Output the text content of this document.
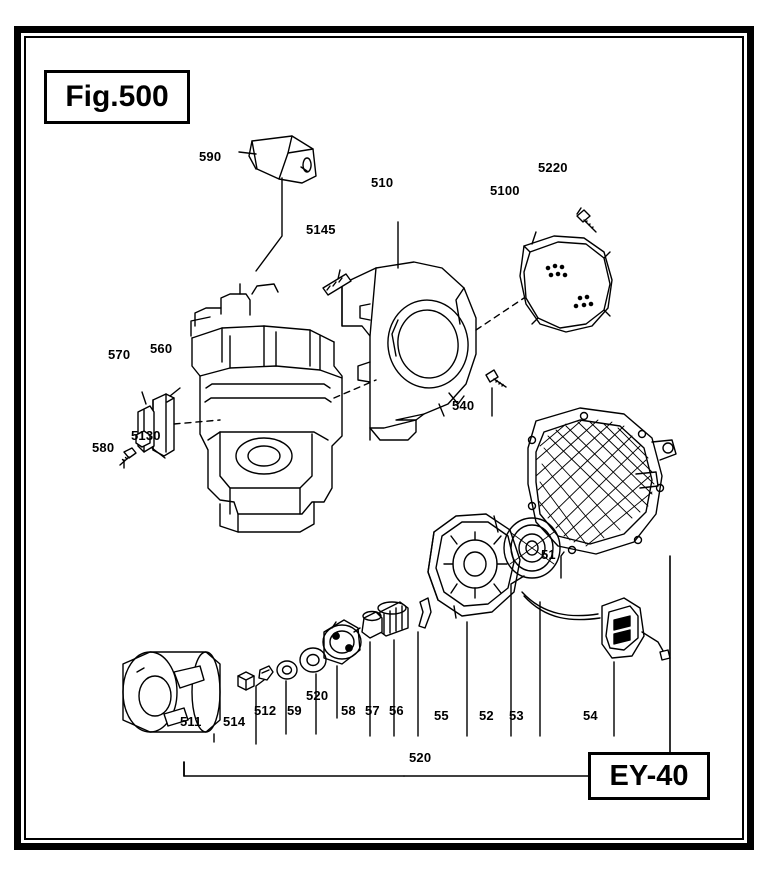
Fig.500
EY-40
590
510
5220
5100
5145
570 560
540
580
5130
51
511 514
512 59
520
58 57 56 55 52 53	54
520
